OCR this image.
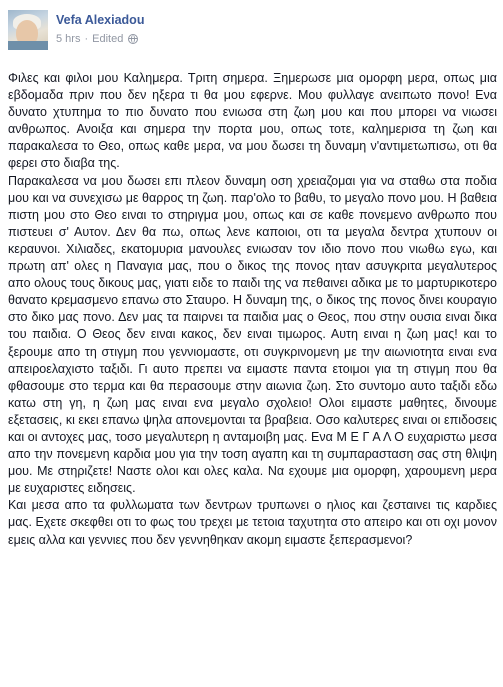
Vefa Alexiadou
5 hrs · Edited

Φιλες και φιλοι μου Καλημερα. Τριτη σημερα. Ξημερωσε μια ομορφη μερα, οπως μια εβδομαδα πριν που δεν ηξερα τι θα μου εφερνε. Μου φυλλαγε ανειπωτο πονο! Ενα δυνατο χτυπημα το πιο δυνατο που ενιωσα στη ζωη μου και που μπορει να νιωσει ανθρωπος. Ανοιξα και σημερα την πορτα μου, οπως τοτε, καλημερισα τη ζωη και παρακαλεσα το Θεο, οπως καθε μερα, να μου δωσει τη δυναμη ν'αντιμετωπισω, οτι θα φερει στο διαβα της.

Παρακαλεσα να μου δωσει επι πλεον δυναμη οση χρειαζομαι για να σταθω στα ποδια μου και να συνεχισω με θαρρος τη ζωη. παρ'ολο το βαθυ, το μεγαλο πονο μου. Η βαθεια πιστη μου στο Θεο ειναι το στηριγμα μου, οπως και σε καθε πονεμενο ανθρωπο που πιστευει σ' Αυτον. Δεν θα πω, οπως λενε καποιοι, οτι τα μεγαλα δεντρα χτυπουν οι κεραυνοι. Χιλιαδες, εκατομυρια μανουλες ενιωσαν τον ιδιο πονο που νιωθω εγω, και πρωτη απ' ολες η Παναγια μας, που ο δικος της πονος ηταν ασυγκριτα μεγαλυτερος απο ολους τους δικους μας, γιατι ειδε το παιδι της να πεθαινει αδικα με το μαρτυρικοτερο θανατο κρεμασμενο επανω στο Σταυρο. Η δυναμη της, ο δικος της πονος δινει κουραγιο στο δικο μας πονο. Δεν μας τα παιρνει τα παιδια μας ο Θεος, που στην ουσια ειναι δικα του παιδια. Ο Θεος δεν ειναι κακος, δεν ειναι τιμωρος. Αυτη ειναι η ζωη μας! και το ξερουμε απο τη στιγμη που γεννιομαστε, οτι συγκρινομενη με την αιωνιοτητα ειναι ενα απειροελαχιστο ταξιδι. Γι αυτο πρεπει να ειμαστε παντα ετοιμοι για τη στιγμη που θα φθασουμε στο τερμα και θα περασουμε στην αιωνια ζωη. Στο συντομο αυτο ταξιδι εδω κατω στη γη, η ζωη μας ειναι ενα μεγαλο σχολειο! Ολοι ειμαστε μαθητες, δινουμε εξετασεις, κι εκει επανω ψηλα απονεμονται τα βραβεια. Οσο καλυτερες ειναι οι επιδοσεις και οι αντοχες μας, τοσο μεγαλυτερη η ανταμοιβη μας. Ενα Μ Ε Γ Α Λ Ο ευχαριστω μεσα απο την πονεμενη καρδια μου για την τοση αγαπη και τη συμπαρασταση σας στη θλιψη μου. Με στηριζετε! Ναστε ολοι και ολες καλα. Να εχουμε μια ομορφη, χαρουμενη μερα με ευχαριστες ειδησεις.

Και μεσα απο τα φυλλωματα των δεντρων τρυπωνει ο ηλιος και ζεσταινει τις καρδιες μας. Εχετε σκεφθει οτι το φως του τρεχει με τετοια ταχυτητα στο απειρο και οτι οχι μονον εμεις αλλα και γεννιες που δεν γεννηθηκαν ακομη ειμαστε ξεπερασμενοι?
